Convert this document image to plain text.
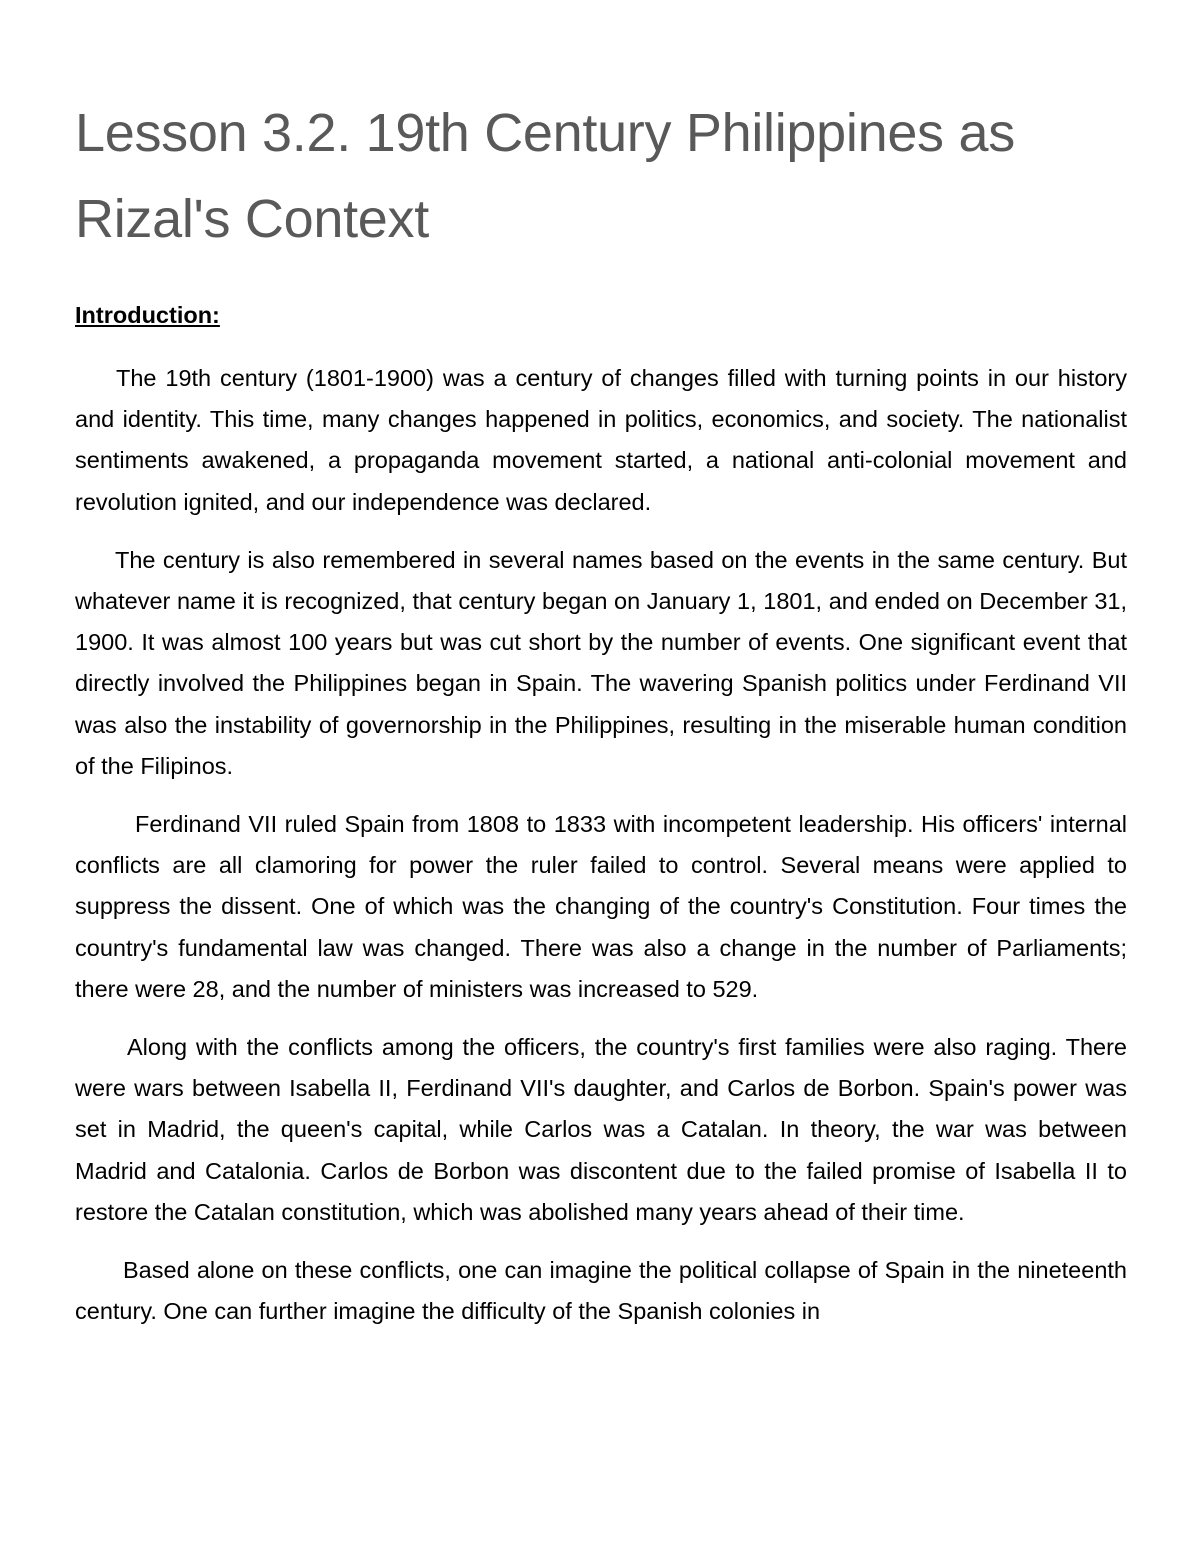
Lesson 3.2. 19th Century Philippines as Rizal's Context
Introduction:

The 19th century (1801-1900) was a century of changes filled with turning points in our history and identity. This time, many changes happened in politics, economics, and society. The nationalist sentiments awakened, a propaganda movement started, a national anti-colonial movement and revolution ignited, and our independence was declared.

The century is also remembered in several names based on the events in the same century. But whatever name it is recognized, that century began on January 1, 1801, and ended on December 31, 1900. It was almost 100 years but was cut short by the number of events. One significant event that directly involved the Philippines began in Spain. The wavering Spanish politics under Ferdinand VII was also the instability of governorship in the Philippines, resulting in the miserable human condition of the Filipinos.

Ferdinand VII ruled Spain from 1808 to 1833 with incompetent leadership. His officers' internal conflicts are all clamoring for power the ruler failed to control. Several means were applied to suppress the dissent. One of which was the changing of the country's Constitution. Four times the country's fundamental law was changed. There was also a change in the number of Parliaments; there were 28, and the number of ministers was increased to 529.

Along with the conflicts among the officers, the country's first families were also raging. There were wars between Isabella II, Ferdinand VII's daughter, and Carlos de Borbon. Spain's power was set in Madrid, the queen's capital, while Carlos was a Catalan. In theory, the war was between Madrid and Catalonia. Carlos de Borbon was discontent due to the failed promise of Isabella II to restore the Catalan constitution, which was abolished many years ahead of their time.

Based alone on these conflicts, one can imagine the political collapse of Spain in the nineteenth century. One can further imagine the difficulty of the Spanish colonies in
